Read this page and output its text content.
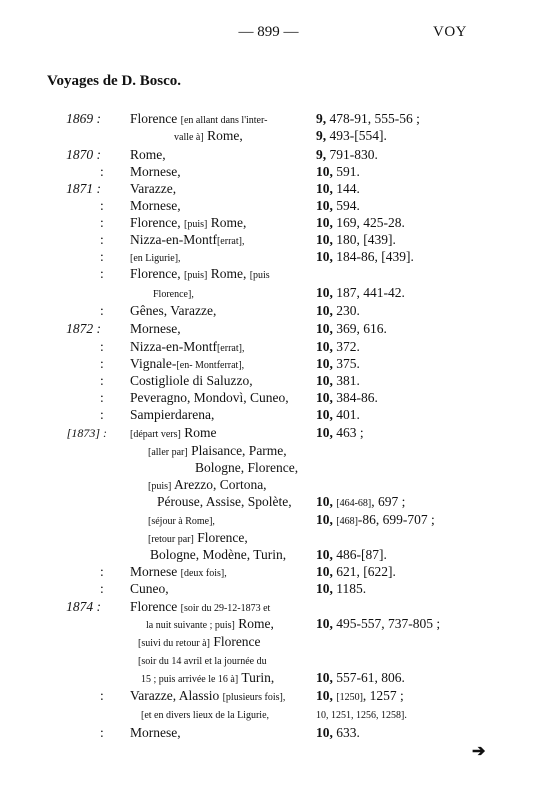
— 899 —	VOY
Voyages de D. Bosco.
1869 : Florence [en allant dans l'inter-	9, 478-91, 555-56 ;
valle à] Rome,	9, 493-[554].
1870 : Rome,	9, 791-830.
: Mornese,	10, 591.
1871 : Varazze,	10, 144.
: Mornese,	10, 594.
: Florence, [puis] Rome,	10, 169, 425-28.
: Nizza-en-Montf[errat],	10, 180, [439].
:	[en Ligurie],	10, 184-86, [439].
: Florence, [puis] Rome, [puis
Florence],	10, 187, 441-42.
: Gênes, Varazze,	10, 230.
1872 : Mornese,	10, 369, 616.
: Nizza-en-Montf[errat],	10, 372.
: Vignale-[en- Montferrat],	10, 375.
: Costigliole di Saluzzo,	10, 381.
: Peveragno, Mondovì, Cuneo, 10, 384-86.
: Sampierdarena,	10, 401.
[1873] : [départ vers] Rome	10, 463 ;
[aller par] Plaisance, Parme,
Bologne, Florence,
[puis] Arezzo, Cortona,
Pérouse, Assise, Spolète, 10, [464-68], 697 ;
[séjour à Rome],	10, [468]-86, 699-707 ;
[retour par] Florence,
Bologne, Modène, Turin, 10, 486-[87].
: Mornese [deux fois],	10, 621, [622].
: Cuneo,	10, 1185.
1874 : Florence [soir du 29-12-1873 et
la nuit suivante ; puis] Rome,	10, 495-557, 737-805 ;
[suivi du retour à] Florence
[soir du 14 avril et la journée du
15 ; puis arrivée le 16 à] Turin,	10, 557-61, 806.
: Varazze, Alassio [plusieurs fois], 10, [1250], 1257 ;
[et en divers lieux de la Ligurie,	10, 1251, 1256, 1258].
: Mornese,	10, 633.
➔
